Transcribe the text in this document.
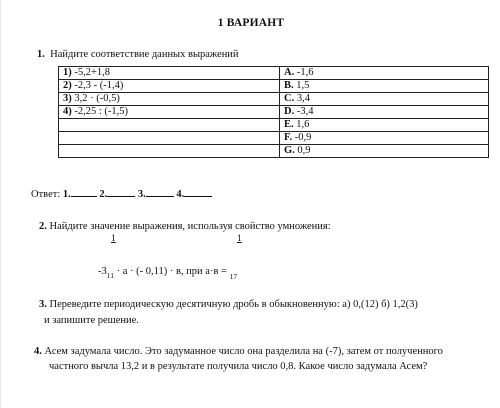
1 ВАРИАНТ
1. Найдите соответствие данных выражений
1) -5,2+1,8	A. -1,6
2) -2,3 - (-1,4)	B. 1,5
3) 3,2 · (-0,5)	C. 3,4
4) -2,25 : (-1,5)	D. -3,4
	E. 1,6
	F. -0,9
	G. 0,9
Ответ: 1.	2.	3.	4.
2. Найдите значение выражения, используя свойство умножения:
1	1
$-3_{11} \cdot а$ · (- 0,11) · в, при а·в = $_{17}$
3. Переведите периодическую десятичную дробь в обыкновенную: а) 0,(12) б) 1,2(3)
и запишите решение.
4. Асем задумала число. Это задуманное число она разделила на (-7), затем от полученного
частного вычла 13,2 и в результате получила число 0,8. Какое число задумала Асем?
